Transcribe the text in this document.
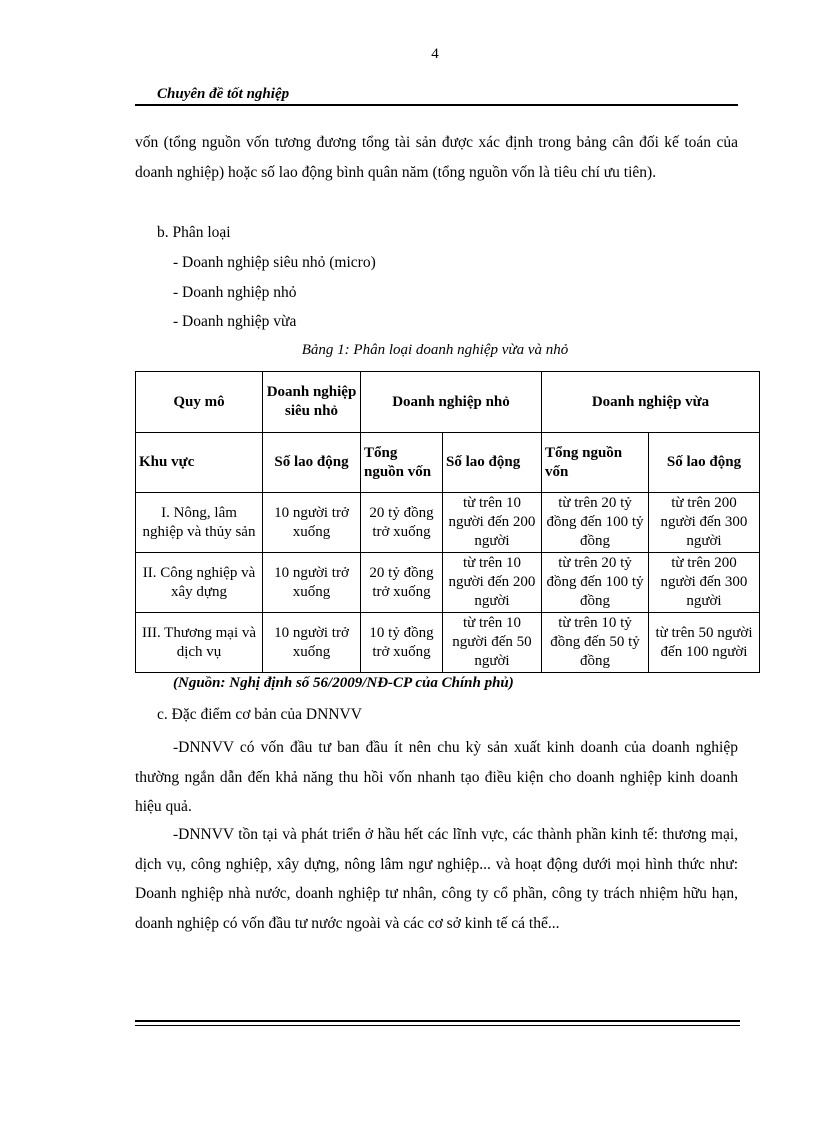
4
Chuyên đề tốt nghiệp
vốn (tổng nguồn vốn tương đương tổng tài sản được xác định trong bảng cân đối kế toán của doanh nghiệp) hoặc số lao động bình quân năm (tổng nguồn vốn là tiêu chí ưu tiên).
b. Phân loại
- Doanh nghiệp siêu nhỏ (micro)
- Doanh nghiệp nhỏ
- Doanh nghiệp vừa
Bảng 1: Phân loại doanh nghiệp vừa và nhỏ
Quy mô	Doanh nghiệp siêu nhỏ	Doanh nghiệp nhỏ		Doanh nghiệp vừa	
Khu vực	Số lao động	Tổng nguồn vốn	Số lao động	Tổng nguồn vốn	Số lao động
I. Nông, lâm nghiệp và thủy sản	10 người trở xuống	20 tỷ đồng trở xuống	từ trên 10 người đến 200 người	từ trên 20 tỷ đồng đến 100 tỷ đồng	từ trên 200 người đến 300 người
II. Công nghiệp và xây dựng	10 người trở xuống	20 tỷ đồng trở xuống	từ trên 10 người đến 200 người	từ trên 20 tỷ đồng đến 100 tỷ đồng	từ trên 200 người đến 300 người
III. Thương mại và dịch vụ	10 người trở xuống	10 tỷ đồng trở xuống	từ trên 10 người đến 50 người	từ trên 10 tỷ đồng đến 50 tỷ đồng	từ trên 50 người đến 100 người
(Nguồn: Nghị định số 56/2009/NĐ-CP của Chính phủ)
c. Đặc điểm cơ bản của DNNVV
-DNNVV có vốn đầu tư ban đầu ít nên chu kỳ sản xuất kinh doanh của doanh nghiệp thường ngắn dẫn đến khả năng thu hồi vốn nhanh tạo điều kiện cho doanh nghiệp kinh doanh hiệu quả.
-DNNVV tồn tại và phát triển ở hầu hết các lĩnh vực, các thành phần kinh tế: thương mại, dịch vụ, công nghiệp, xây dựng, nông lâm ngư nghiệp... và hoạt động dưới mọi hình thức như: Doanh nghiệp nhà nước, doanh nghiệp tư nhân, công ty cổ phần, công ty trách nhiệm hữu hạn, doanh nghiệp có vốn đầu tư nước ngoài và các cơ sở kinh tế cá thể...
